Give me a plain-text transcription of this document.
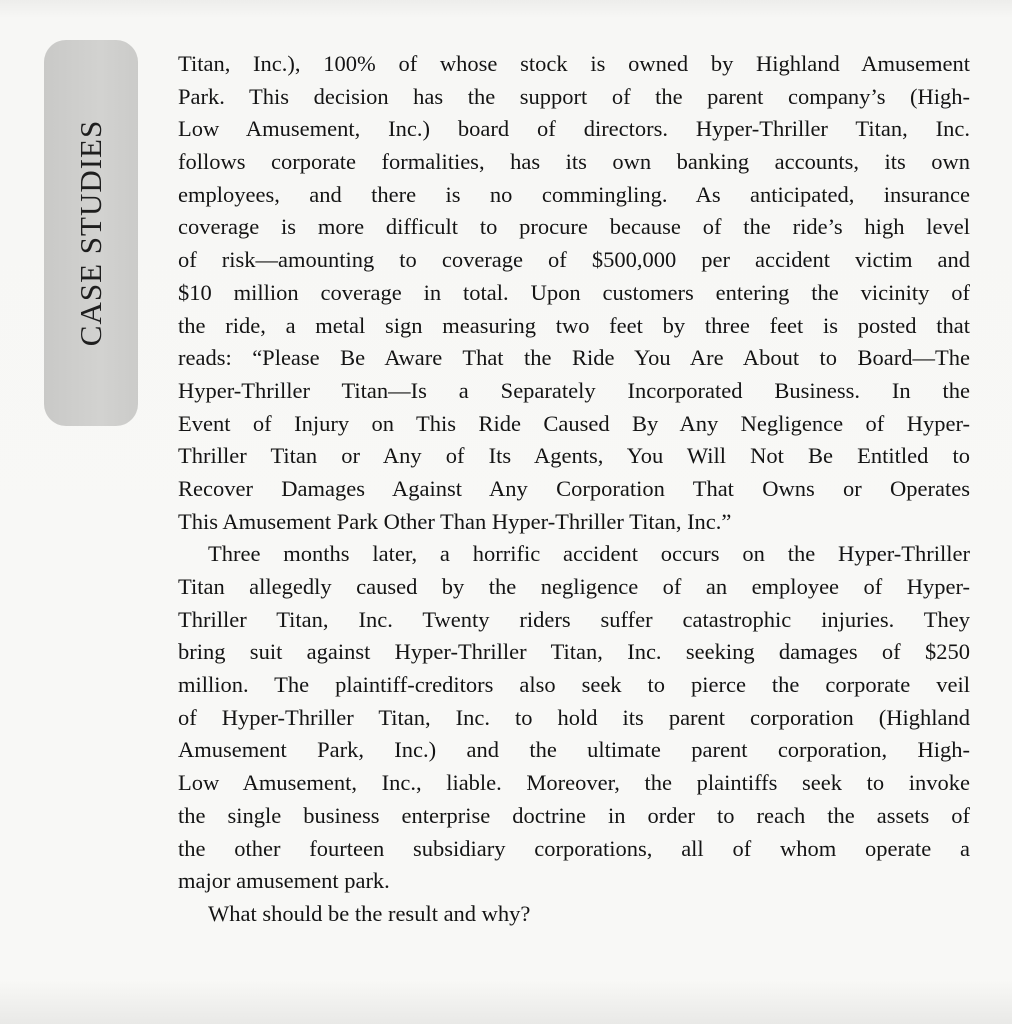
CASE STUDIES
Titan, Inc.), 100% of whose stock is owned by Highland Amusement
Park. This decision has the support of the parent company’s (High-
Low Amusement, Inc.) board of directors. Hyper-Thriller Titan, Inc.
follows corporate formalities, has its own banking accounts, its own
employees, and there is no commingling. As anticipated, insurance
coverage is more difficult to procure because of the ride’s high level
of risk—amounting to coverage of $500,000 per accident victim and
$10 million coverage in total. Upon customers entering the vicinity of
the ride, a metal sign measuring two feet by three feet is posted that
reads: “Please Be Aware That the Ride You Are About to Board—The
Hyper-Thriller Titan—Is a Separately Incorporated Business. In the
Event of Injury on This Ride Caused By Any Negligence of Hyper-
Thriller Titan or Any of Its Agents, You Will Not Be Entitled to
Recover Damages Against Any Corporation That Owns or Operates
This Amusement Park Other Than Hyper-Thriller Titan, Inc.”
Three months later, a horrific accident occurs on the Hyper-Thriller
Titan allegedly caused by the negligence of an employee of Hyper-
Thriller Titan, Inc. Twenty riders suffer catastrophic injuries. They
bring suit against Hyper-Thriller Titan, Inc. seeking damages of $250
million. The plaintiff-creditors also seek to pierce the corporate veil
of Hyper-Thriller Titan, Inc. to hold its parent corporation (Highland
Amusement Park, Inc.) and the ultimate parent corporation, High-
Low Amusement, Inc., liable. Moreover, the plaintiffs seek to invoke
the single business enterprise doctrine in order to reach the assets of
the other fourteen subsidiary corporations, all of whom operate a
major amusement park.
What should be the result and why?
